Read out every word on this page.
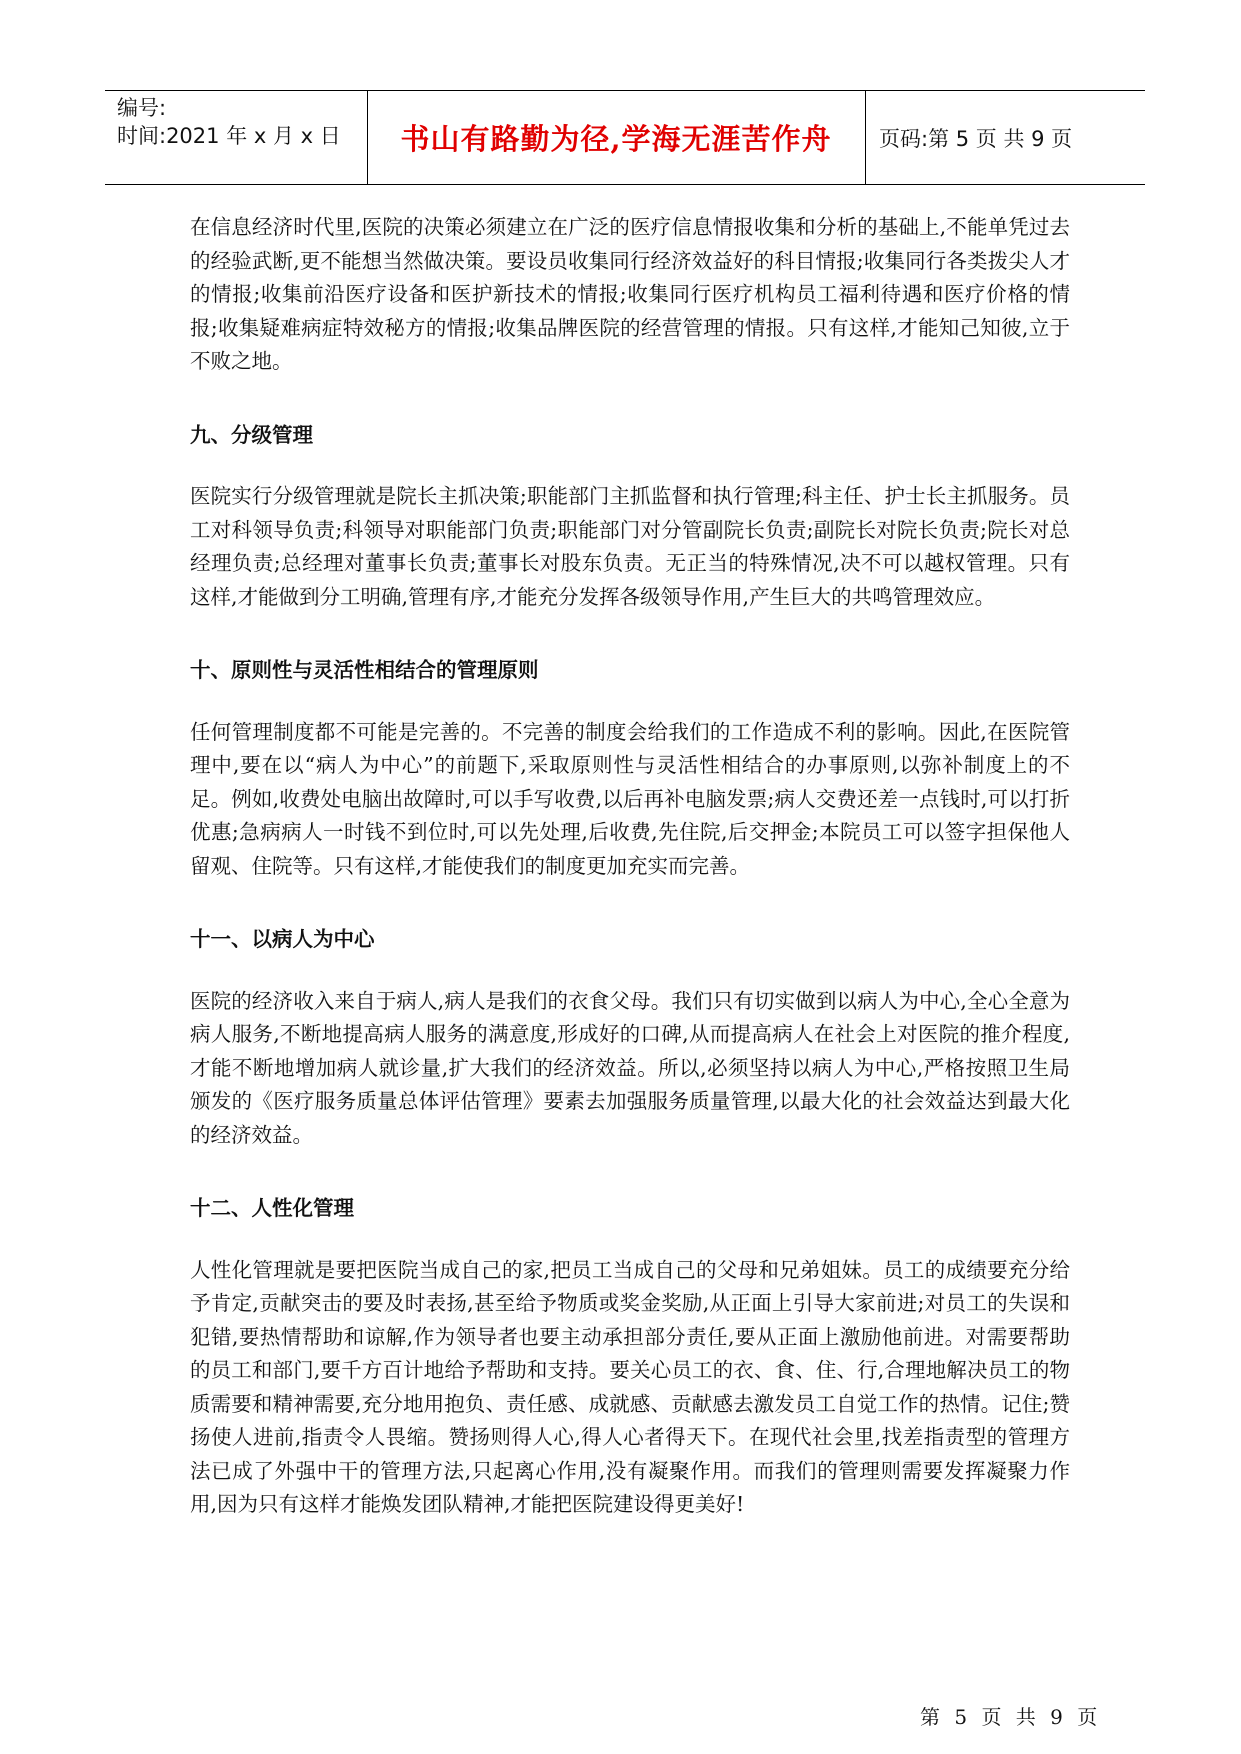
编号:
时间:2021 年 x 月 x 日	书山有路勤为径,学海无涯苦作舟	页码:第 5 页 共 9 页

在信息经济时代里,医院的决策必须建立在广泛的医疗信息情报收集和分析的基础上,不能单凭过去的经验武断,更不能想当然做决策。要设员收集同行经济效益好的科目情报;收集同行各类拨尖人才的情报;收集前沿医疗设备和医护新技术的情报;收集同行医疗机构员工福利待遇和医疗价格的情报;收集疑难病症特效秘方的情报;收集品牌医院的经营管理的情报。只有这样,才能知己知彼,立于不败之地。

九、分级管理

医院实行分级管理就是院长主抓决策;职能部门主抓监督和执行管理;科主任、护士长主抓服务。员工对科领导负责;科领导对职能部门负责;职能部门对分管副院长负责;副院长对院长负责;院长对总经理负责;总经理对董事长负责;董事长对股东负责。无正当的特殊情况,决不可以越权管理。只有这样,才能做到分工明确,管理有序,才能充分发挥各级领导作用,产生巨大的共鸣管理效应。

十、原则性与灵活性相结合的管理原则

任何管理制度都不可能是完善的。不完善的制度会给我们的工作造成不利的影响。因此,在医院管理中,要在以“病人为中心”的前题下,采取原则性与灵活性相结合的办事原则,以弥补制度上的不足。例如,收费处电脑出故障时,可以手写收费,以后再补电脑发票;病人交费还差一点钱时,可以打折优惠;急病病人一时钱不到位时,可以先处理,后收费,先住院,后交押金;本院员工可以签字担保他人留观、住院等。只有这样,才能使我们的制度更加充实而完善。

十一、以病人为中心

医院的经济收入来自于病人,病人是我们的衣食父母。我们只有切实做到以病人为中心,全心全意为病人服务,不断地提高病人服务的满意度,形成好的口碑,从而提高病人在社会上对医院的推介程度,才能不断地增加病人就诊量,扩大我们的经济效益。所以,必须坚持以病人为中心,严格按照卫生局颁发的《医疗服务质量总体评估管理》要素去加强服务质量管理,以最大化的社会效益达到最大化的经济效益。

十二、人性化管理

人性化管理就是要把医院当成自己的家,把员工当成自己的父母和兄弟姐妹。员工的成绩要充分给予肯定,贡献突击的要及时表扬,甚至给予物质或奖金奖励,从正面上引导大家前进;对员工的失误和犯错,要热情帮助和谅解,作为领导者也要主动承担部分责任,要从正面上激励他前进。对需要帮助的员工和部门,要千方百计地给予帮助和支持。要关心员工的衣、食、住、行,合理地解决员工的物质需要和精神需要,充分地用抱负、责任感、成就感、贡献感去激发员工自觉工作的热情。记住;赞扬使人进前,指责令人畏缩。赞扬则得人心,得人心者得天下。在现代社会里,找差指责型的管理方法已成了外强中干的管理方法,只起离心作用,没有凝聚作用。而我们的管理则需要发挥凝聚力作用,因为只有这样才能焕发团队精神,才能把医院建设得更美好!

第 5 页 共 9 页
